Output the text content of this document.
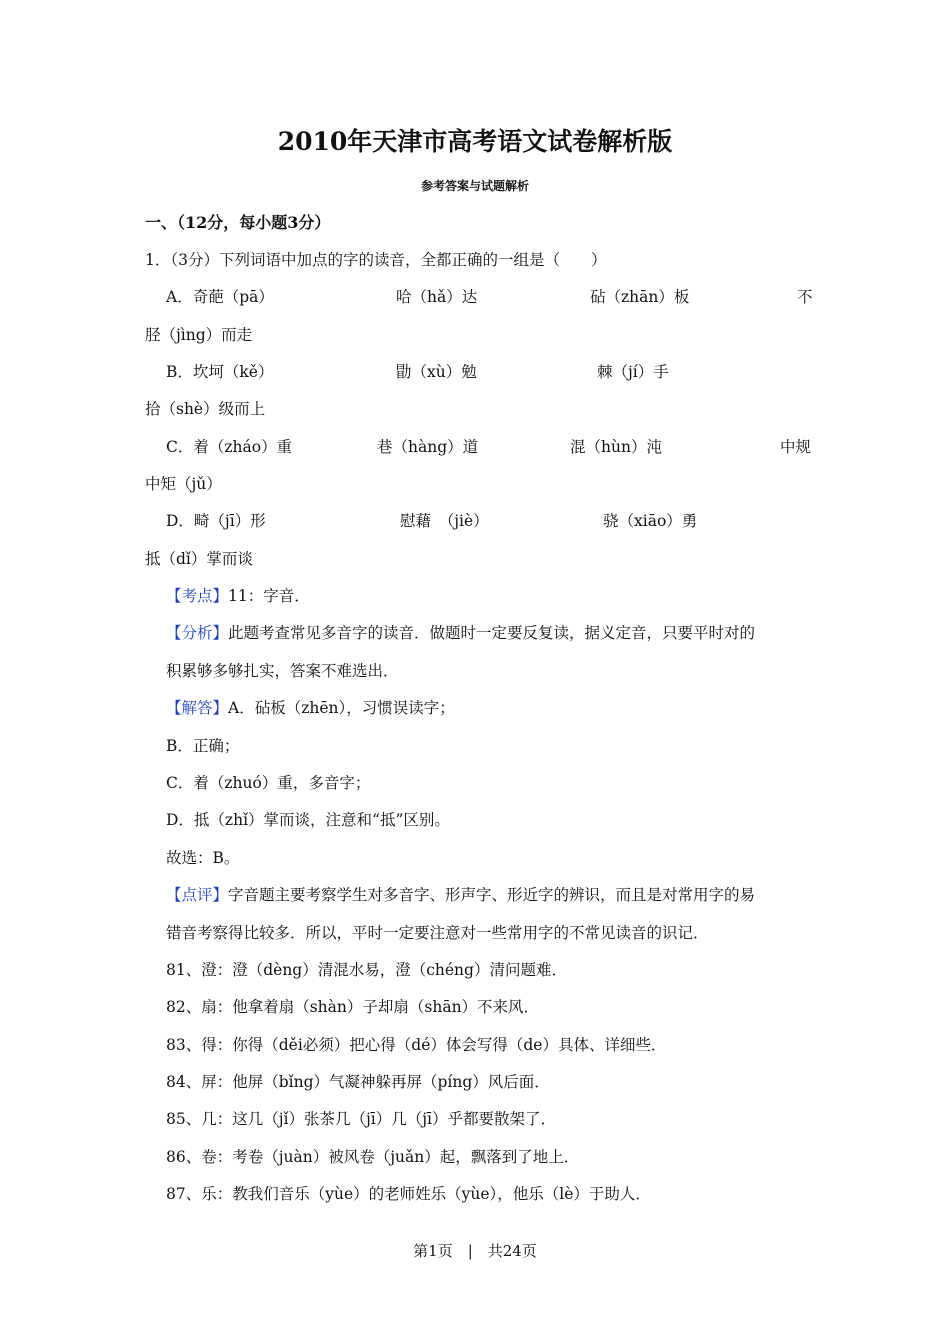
2010年天津市高考语文试卷解析版
参考答案与试题解析
一、（12分，每小题3分）
1．（3分）下列词语中加点的字的读音，全都正确的一组是（　　）
A．奇葩（pā）	哈（hǎ）达	砧（zhān）板	不
胫（jìng）而走
B．坎坷（kě）	勖（xù）勉	棘（jí）手
拾（shè）级而上
C．着（zháo）重	巷（hàng）道	混（hùn）沌	中规
中矩（jǔ）
D．畸（jī）形	慰藉　（jiè）	骁（xiāo）勇
抵（dǐ）掌而谈
【考点】11：字音．
【分析】此题考查常见多音字的读音．做题时一定要反复读，据义定音，只要平时对的
积累够多够扎实，答案不难选出．
【解答】A．砧板（zhēn），习惯误读字；
B．正确；
C．着（zhuó）重，多音字；
D．抵（zhǐ）掌而谈，注意和“抵”区别。
故选：B。
【点评】字音题主要考察学生对多音字、形声字、形近字的辨识，而且是对常用字的易
错音考察得比较多．所以，平时一定要注意对一些常用字的不常见读音的识记．
81、澄：澄（dèng）清混水易，澄（chéng）清问题难．
82、扇：他拿着扇（shàn）子却扇（shān）不来风．
83、得：你得（děi必须）把心得（dé）体会写得（de）具体、详细些．
84、屏：他屏（bǐng）气凝神躲再屏（píng）风后面．
85、几：这几（jǐ）张茶几（jī）几（jī）乎都要散架了．
86、卷：考卷（juàn）被风卷（juǎn）起，飘落到了地上．
87、乐：教我们音乐（yùe）的老师姓乐（yùe），他乐（lè）于助人．
第1页　|　共24页
